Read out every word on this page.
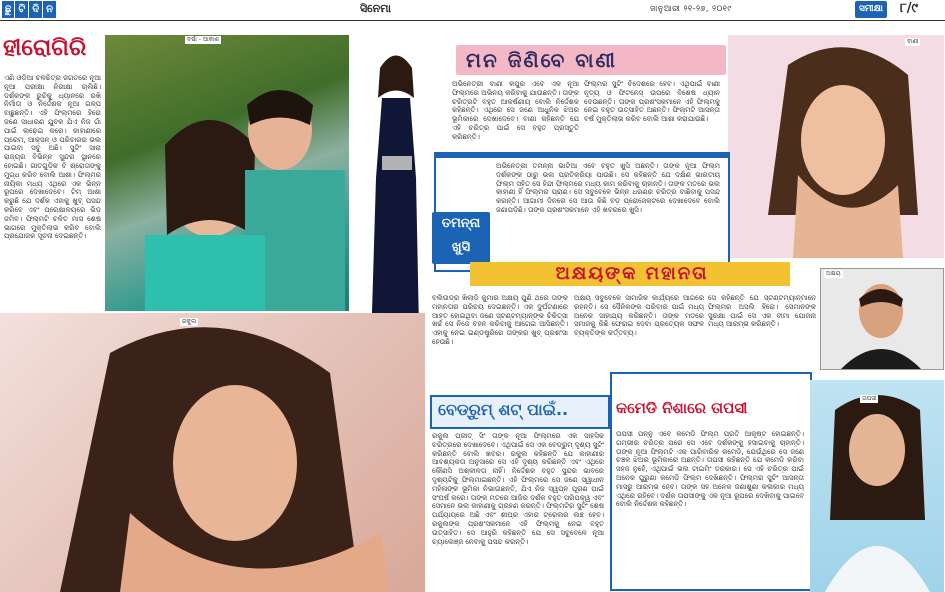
ଛୁ ଟି ଦି ନ	ସିନେମା	ଜାନୁଆରୀ ୨୧-୨୭, ୨୦୧୯	ସମୀକ୍ଷା	୮/୯
ହୀରୋଗିରି
ଏଣି ଓଡ଼ିଆ ଚଳଚ୍ଚିତ୍ର ଜଗତରେ ନୂଆ ନୂଆ ପରୀକ୍ଷା ନିରୀକ୍ଷା ଚାଲିଛି। ଦର୍ଶକଙ୍କ ରୁଚିକୁ ଧ୍ୟାନରେ ରଖି ନିର୍ମାତା ଓ ନିର୍ଦ୍ଦେଶକ ନୂଆ ଗଳ୍ପ ବାଛୁଛନ୍ତି। ଏହି ଫିଲ୍ମରେ ହିରୋ ଜଣେ ସାଧାରଣ ଯୁବକ ଯିଏ ନିଜ ଗାଁ ପାଇଁ ଲଢ଼େଇ କରେ। କାହାଣୀରେ ପ୍ରେମ, ଆକ୍ସନ୍ ଓ ପରିବାରର ଭଲ ପାଇବା ସବୁ ଅଛି। ସୁଟିଂ ସାରା ରାଜ୍ୟର ବିଭିନ୍ନ ସୁନ୍ଦର ସ୍ଥାନରେ ହୋଇଛି। ଗୀତଗୁଡ଼ିକ ବି ଶ୍ରୋତାଙ୍କୁ ମୁଗ୍ଧ କରିବ ବୋଲି ଆଶା। ଫିଲ୍ମର ନାୟିକା ମଧ୍ୟ ଏଥିରେ ଏକ ଭିନ୍ନ ରୂପରେ ଦେଖାଦେବେ। ଟିମ୍ ଆଶା କରୁଛି ଯେ ଦର୍ଶକ ଏହାକୁ ଖୁବ୍ ପସନ୍ଦ କରିବେ ଏବଂ ପ୍ରେକ୍ଷାଳୟରେ ଭିଡ଼ ଜମିବ। ଫିଲ୍ମଟି ଚଳିତ ମାସ ଶେଷ ଭାଗରେ ମୁକ୍ତିଲାଭ କରିବ ବୋଲି ପ୍ରଯୋଜକ ସୂଚନା ଦେଇଛନ୍ତି।
ବର୍ଷା - ଆକାଶ
ମନ ଜିଣିବେ ବାଣୀ
ଅଭିନେତ୍ରୀ ବାଣୀ କପୁର ଏବେ ଏକ ନୂଆ ଫିଲ୍ମରେ ଅଭିନୟ କରିବାକୁ ଯାଉଛନ୍ତି। ତାଙ୍କ ଚରିତ୍ରଟି ବହୁତ ଆକର୍ଷଣୀୟ ବୋଲି ନିର୍ଦ୍ଦେଶକ କହିଛନ୍ତି। ଏଥିରେ ସେ ଜଣେ ଆଧୁନିକ ଝିଅର ଭୂମିକାରେ ଦେଖାଦେବେ। ବାଣୀ କହିଛନ୍ତି ଯେ ଏହି ଚରିତ୍ର ପାଇଁ ସେ ବହୁତ ପ୍ରସ୍ତୁତି କରିଛନ୍ତି।
ଫିଲ୍ମର ସୁଟିଂ ବିଦେଶରେ ହେବ। ଏଥିପାଇଁ ବାଣୀ ନୃତ୍ୟ ଓ ଫିଟନେସ୍ ଉପରେ ବିଶେଷ ଧ୍ୟାନ ଦେଉଛନ୍ତି। ତାଙ୍କ ପ୍ରଶଂସକମାନେ ଏହି ଫିଲ୍ମକୁ ନେଇ ବହୁତ ଉତ୍ସାହିତ ଅଛନ୍ତି। ଫିଲ୍ମଟି ଆସନ୍ତା ବର୍ଷ ମୁକ୍ତିଲାଭ କରିବ ବୋଲି ଆଶା କରାଯାଉଛି।
ବାଣୀ
ଅଭିନେତ୍ରୀ ତମନ୍ନା ଭାଟିଆ ଏବେ ବହୁତ ଖୁସି ଅଛନ୍ତି। ତାଙ୍କ ନୂଆ ଫିଲ୍ମ ଦର୍ଶକଙ୍କ ଠାରୁ ଭଲ ପ୍ରତିକ୍ରିୟା ପାଉଛି। ସେ କହିଛନ୍ତି ଯେ ଦକ୍ଷିଣ ଭାରତୀୟ ଫିଲ୍ମ ସହିତ ସେ ହିନ୍ଦୀ ଫିଲ୍ମରେ ମଧ୍ୟ କାମ କରିବାକୁ ଚାହାନ୍ତି। ତାଙ୍କ ମତରେ ଭଲ କାହାଣୀ ହିଁ ଫିଲ୍ମର ପ୍ରାଣ। ସେ ସବୁବେଳେ ଭିନ୍ନ ଧରଣର ଚରିତ୍ର ବାଛିବାକୁ ପସନ୍ଦ କରନ୍ତି। ଆଗାମୀ ଦିନରେ ସେ ଆଉ କିଛି ବଡ଼ ପ୍ରୋଜେକ୍ଟରେ ଦେଖାଦେବେ ବୋଲି ଜଣାପଡ଼ିଛି। ତାଙ୍କ ପ୍ରଶଂସକମାନେ ଏହି ଖବରରେ ଖୁସି।
ତମନ୍ନା ଖୁସି
ଅକ୍ଷୟଙ୍କ ମହାନତା
ବଲିଉଡ୍‌ର ଖିଲାଡ଼ି କୁମାର ଅକ୍ଷୟ ପୁଣି ଥରେ ତାଙ୍କ ମହାନତାର ପରିଚୟ ଦେଇଛନ୍ତି। ଏକ ଦୁର୍ଘଟଣାରେ ଆହତ ହୋଇଥିବା ଜଣେ ସ୍ଟଣ୍ଟମ୍ୟାନ୍‌ଙ୍କ ଚିକିତ୍ସା ଖର୍ଚ୍ଚ ସେ ନିଜେ ବହନ କରିବାକୁ ଆଗେଇ ଆସିଛନ୍ତି। ଏହାକୁ ନେଇ ଇଣ୍ଡଷ୍ଟ୍ରିରେ ତାଙ୍କର ଖୁବ୍ ପ୍ରଶଂସା ହେଉଛି।
ଅକ୍ଷୟ ସବୁବେଳେ ସାମାଜିକ କାର୍ଯ୍ୟରେ ଆଗରେ ରହନ୍ତି। ସେ ସୈନିକଙ୍କ ପରିବାର ପାଇଁ ମଧ୍ୟ ଅନେକ ସାହାଯ୍ୟ କରିଛନ୍ତି। ତାଙ୍କ ମତରେ ସମାଜକୁ କିଛି ଫେରାଇ ଦେବା ପ୍ରତ୍ୟେକ ସଫଳ ବ୍ୟକ୍ତିଙ୍କ କର୍ତ୍ତବ୍ୟ।
ସେ କହିଛନ୍ତି ଯେ ସ୍ଟଣ୍ଟମ୍ୟାନ୍‌ମାନେ ଫିଲ୍ମର ଅସଲି ହିରୋ। ସେମାନଙ୍କ ସୁରକ୍ଷା ପାଇଁ ସେ ଏକ ବୀମା ଯୋଜନା ମଧ୍ୟ ଆରମ୍ଭ କରିଛନ୍ତି।
ଅକ୍ଷୟ
ରକୁଲ
ବେଡ୍‌ରୁମ୍ ଶଟ୍ ପାଇଁ..
ରକୁଲ ପ୍ରୀତ୍ ସିଂ ତାଙ୍କ ନୂଆ ଫିଲ୍ମରେ ଏକ ସାହସିକ ଚରିତ୍ରରେ ଦେଖାଦେବେ। ଏଥିପାଇଁ ସେ ଏକ ବେଡ୍‌ରୁମ୍ ଦୃଶ୍ୟ ସୁଟିଂ କରିଛନ୍ତି ବୋଲି ଖବର। ରକୁଲ କହିଛନ୍ତି ଯେ କାହାଣୀର ଆବଶ୍ୟକତା ଅନୁସାରେ ସେ ଏହି ଦୃଶ୍ୟ କରିଛନ୍ତି ଏବଂ ଏଥିରେ କୌଣସି ଅଶ୍ଳୀଳତା ନାହିଁ। ନିର୍ଦ୍ଦେଶକ ବହୁତ ସୁନ୍ଦର ଭାବରେ ଦୃଶ୍ୟଟିକୁ ଫିଲ୍ମାଇଛନ୍ତି। ଏହି ଫିଲ୍ମରେ ସେ ଜଣେ ସ୍ୱାଧୀନ ମହିଳାଙ୍କ ଭୂମିକା ନିଭାଉଛନ୍ତି, ଯିଏ ନିଜ ସ୍ୱପ୍ନ ପୂରଣ ପାଇଁ ସଂଘର୍ଷ କରେ। ତାଙ୍କ ମତରେ ଆଜିର ଦର୍ଶକ ବହୁତ ପରିପକ୍ୱ ଏବଂ ସେମାନେ ଭଲ କାହାଣୀକୁ ଗ୍ରହଣ କରନ୍ତି। ଫିଲ୍ମଟିର ସୁଟିଂ ଶେଷ ପର୍ଯ୍ୟାୟରେ ଅଛି ଏବଂ ଶୀଘ୍ର ଏହାର ଟ୍ରେଲର ଲଞ୍ଚ ହେବ। ରକୁଲଙ୍କ ପ୍ରଶଂସକମାନେ ଏହି ଫିଲ୍ମକୁ ନେଇ ବହୁତ ଉତ୍ସାହିତ। ସେ ଆହୁରି କହିଛନ୍ତି ଯେ ସେ ସବୁବେଳେ ନୂଆ ଚ୍ୟାଲେଞ୍ଜ ନେବାକୁ ପସନ୍ଦ କରନ୍ତି।
କମେଡି ନିଶାରେ ତାପସୀ
ତାପସୀ ପନ୍ନୁ ଏବେ କମେଡି ଫିଲ୍ମ ପ୍ରତି ଆକୃଷ୍ଟ ହୋଇଛନ୍ତି। ଗମ୍ଭୀର ଚରିତ୍ର ପରେ ସେ ଏବେ ଦର୍ଶକଙ୍କୁ ହସାଇବାକୁ ଚାହାନ୍ତି। ତାଙ୍କ ନୂଆ ଫିଲ୍ମଟି ଏକ ପାରିବାରିକ କମେଡି, ଯେଉଁଥିରେ ସେ ଜଣେ ଚଞ୍ଚଳ ଝିଅର ଭୂମିକାରେ ଅଛନ୍ତି। ତାପସୀ କହିଛନ୍ତି ଯେ କମେଡି କରିବା ସହଜ ନୁହେଁ, ଏଥିପାଇଁ ଭଲ ଟାଇମିଂ ଦରକାର। ସେ ଏହି ଚରିତ୍ର ପାଇଁ ଅନେକ ପୁରୁଣା କମେଡି ଫିଲ୍ମ ଦେଖିଛନ୍ତି। ଫିଲ୍ମର ସୁଟିଂ ଆସନ୍ତା ମାସରୁ ଆରମ୍ଭ ହେବ। ତାଙ୍କ ସହ ଅନେକ ଜଣାଶୁଣା କଳାକାର ମଧ୍ୟ ଏଥିରେ ରହିବେ। ଦର୍ଶକ ତାପସୀଙ୍କୁ ଏକ ନୂଆ ରୂପରେ ଦେଖିବାକୁ ପାଇବେ ବୋଲି ନିର୍ଦ୍ଦେଶକ କହିଛନ୍ତି।
ତାପସୀ
